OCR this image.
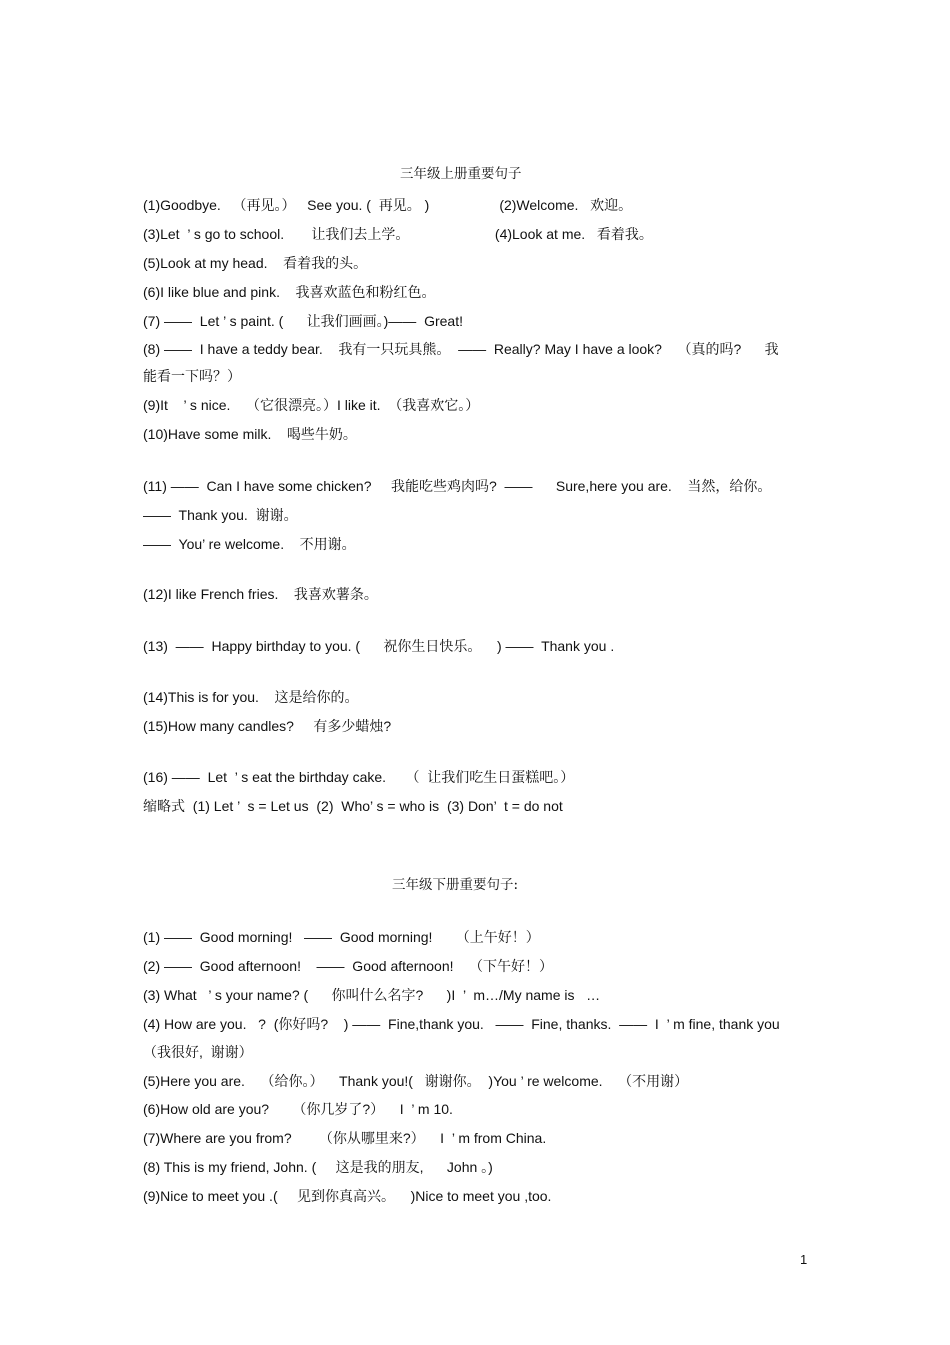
三年级上册重要句子
(1)Goodbye.   （再见。）   See you. (  再见。 )                  (2)Welcome.   欢迎。
(3)Let  ’ s go to school.       让我们去上学。                      (4)Look at me.   看着我。
(5)Look at my head.    看着我的头。
(6)I like blue and pink.    我喜欢蓝色和粉红色。
(7) ——  Let ’ s paint. (      让我们画画。)——  Great!
(8) ——  I have a teddy bear.    我有一只玩具熊。  ——  Really? May I have a look?    （真的吗?      我
能看一下吗？）
(9)It    ’ s nice.    （它很漂亮。）I like it.  （我喜欢它。）
(10)Have some milk.    喝些牛奶。
(11) ——  Can I have some chicken?     我能吃些鸡肉吗?  ——      Sure,here you are.    当然，给你。
——  Thank you.  谢谢。
——  You’ re welcome.    不用谢。
(12)I like French fries.    我喜欢薯条。
(13)  ——  Happy birthday to you. (      祝你生日快乐。    ) ——  Thank you .
(14)This is for you.    这是给你的。
(15)How many candles?     有多少蜡烛?
(16) ——  Let  ’ s eat the birthday cake.     （  让我们吃生日蛋糕吧。）
缩略式  (1) Let ’  s = Let us  (2)  Who’ s = who is  (3) Don’  t = do not
三年级下册重要句子:
(1) ——  Good morning!   ——  Good morning!      （上午好！）
(2) ——  Good afternoon!    ——  Good afternoon!    （下午好！）
(3) What   ’ s your name? (      你叫什么名字?      )I  ’  m…/My name is   …
(4) How are you.   ?  (你好吗?    ) ——  Fine,thank you.   ——  Fine, thanks.  ——  I  ’ m fine, thank you
（我很好,  谢谢）
(5)Here you are.    （给你。）    Thank you!(   谢谢你。  )You ’ re welcome.    （不用谢）
(6)How old are you?      （你几岁了?）    I  ’ m 10.
(7)Where are you from?       （你从哪里来?）    I  ’ m from China.
(8) This is my friend, John. (     这是我的朋友,      John 。)
(9)Nice to meet you .(     见到你真高兴。    )Nice to meet you ,too.
1
